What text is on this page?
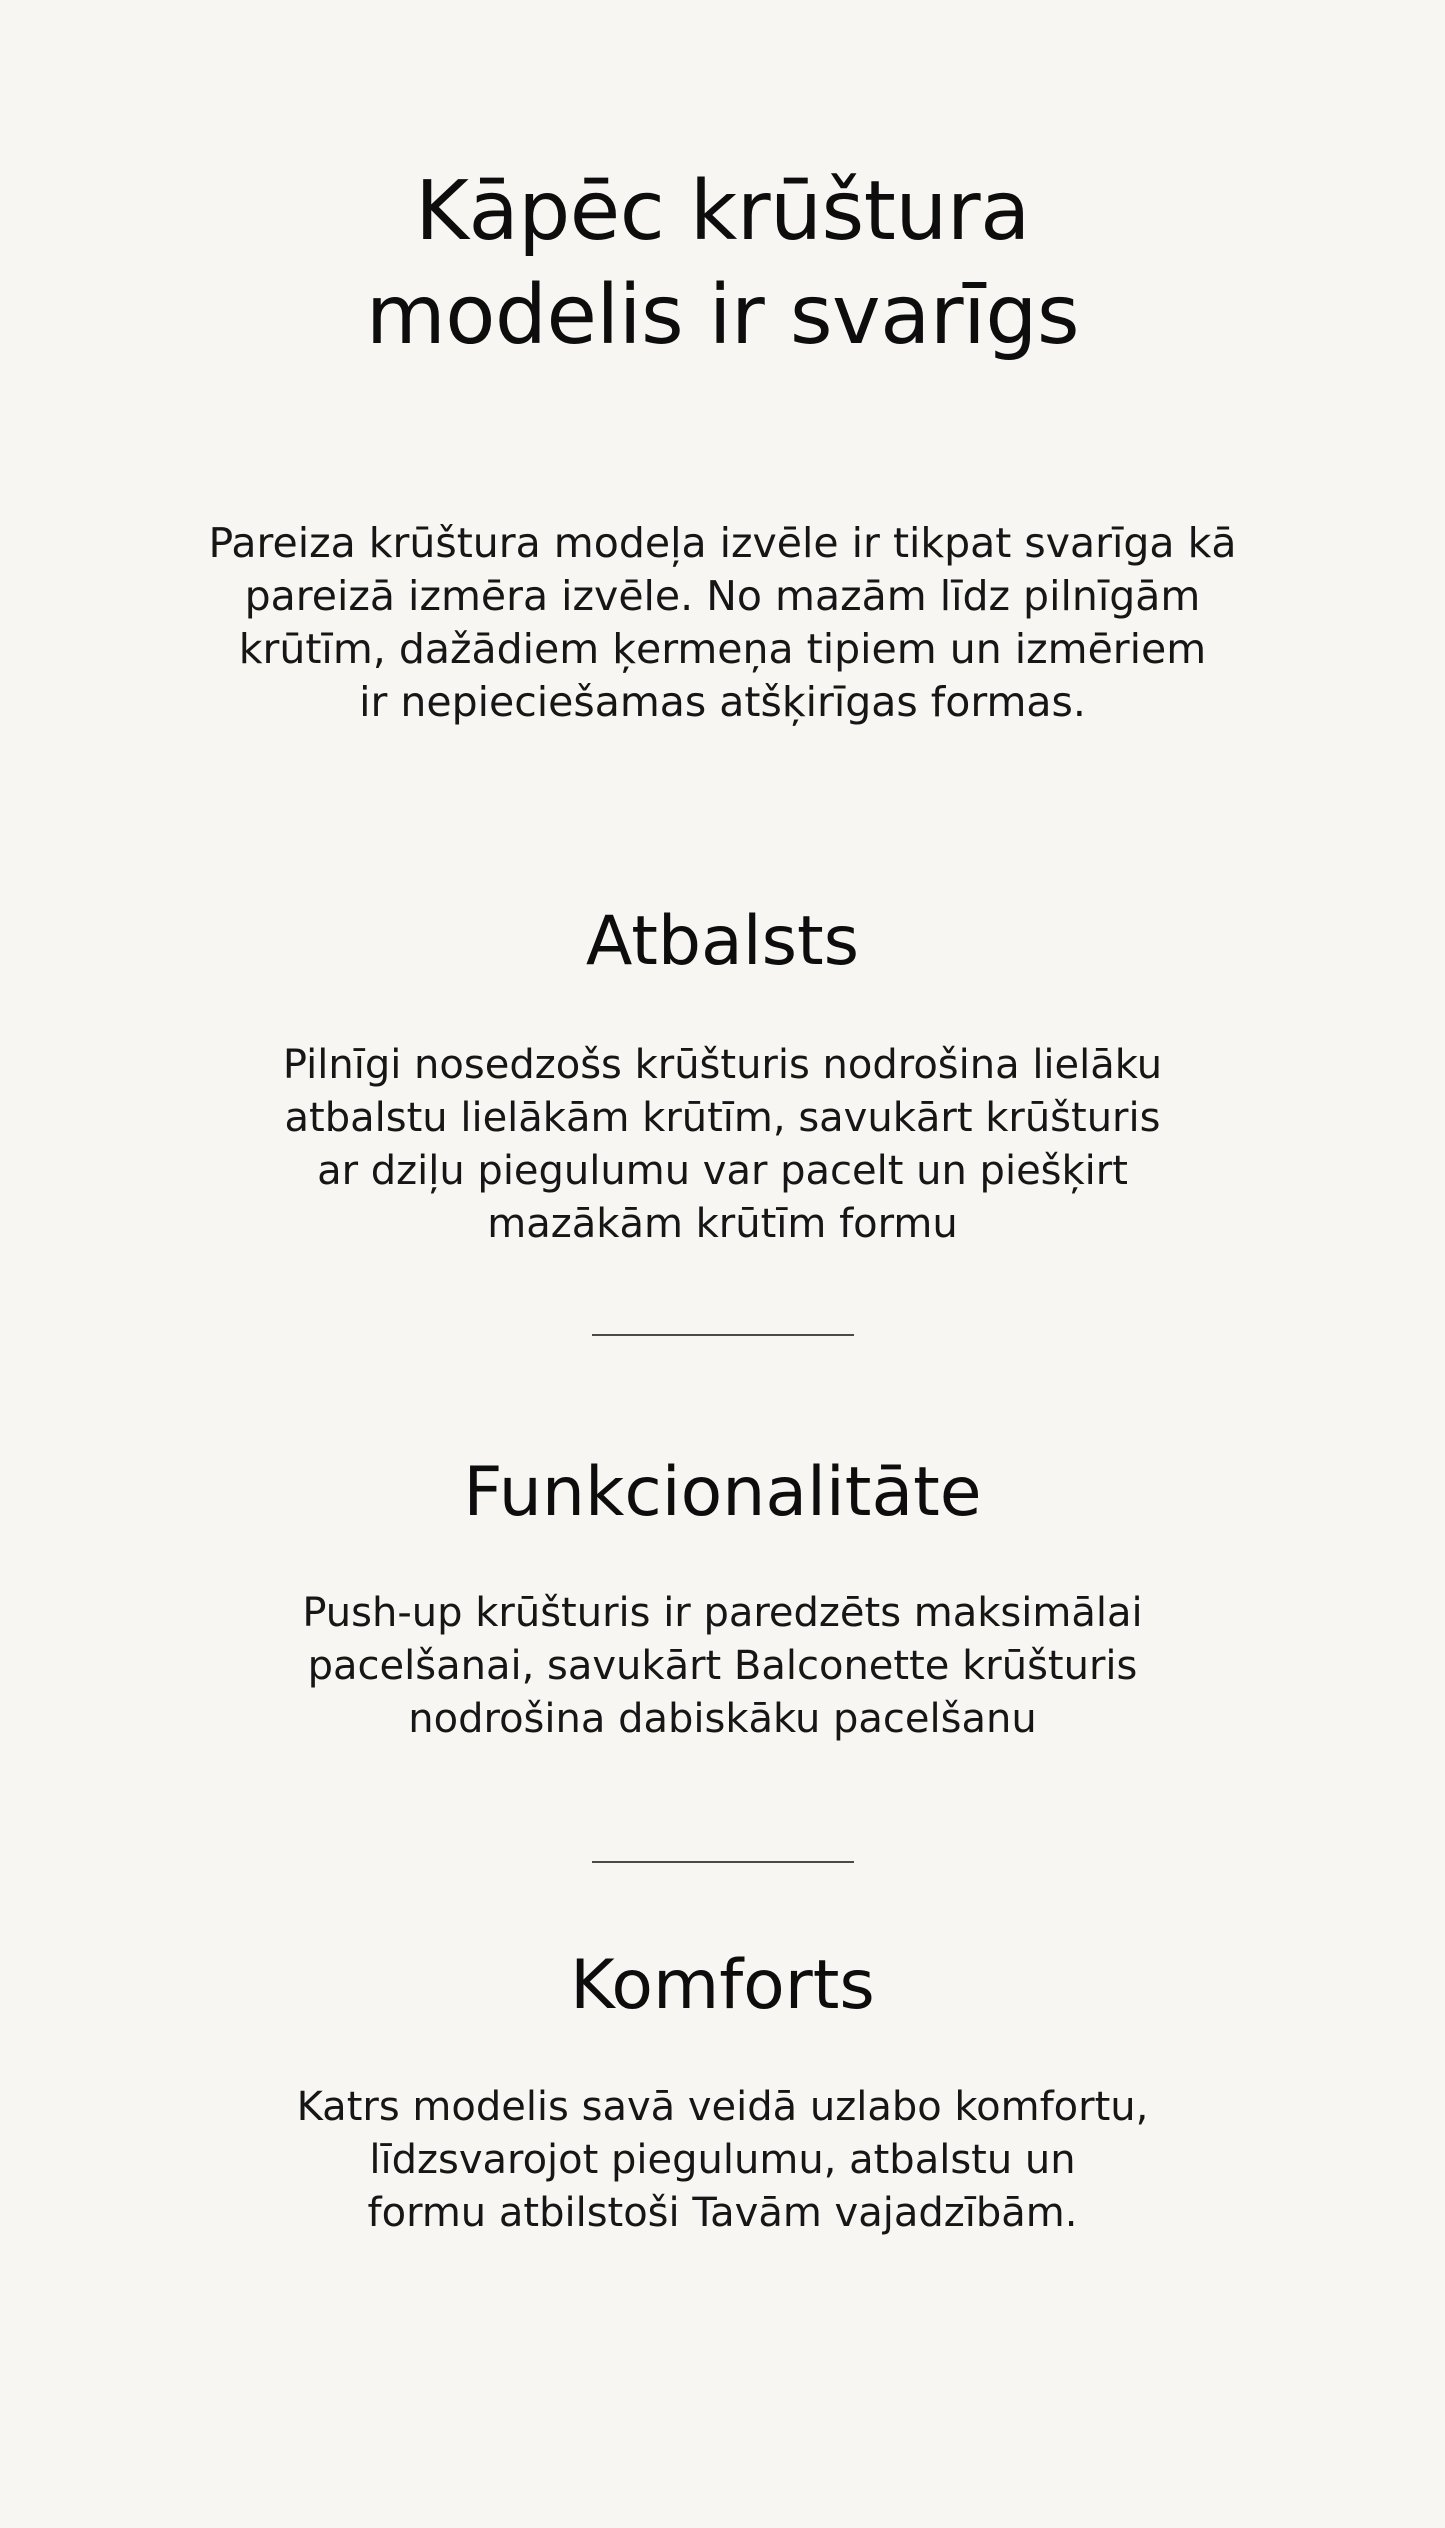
Kāpēc krūštura
modelis ir svarīgs

Pareiza krūštura modeļa izvēle ir tikpat svarīga kā
pareizā izmēra izvēle. No mazām līdz pilnīgām
krūtīm, dažādiem ķermeņa tipiem un izmēriem
ir nepieciešamas atšķirīgas formas.

Atbalsts

Pilnīgi nosedzošs krūšturis nodrošina lielāku
atbalstu lielākām krūtīm, savukārt krūšturis
ar dziļu piegulumu var pacelt un piešķirt
mazākām krūtīm formu

Funkcionalitāte

Push-up krūšturis ir paredzēts maksimālai
pacelšanai, savukārt Balconette krūšturis
nodrošina dabiskāku pacelšanu

Komforts

Katrs modelis savā veidā uzlabo komfortu,
līdzsvarojot piegulumu, atbalstu un
formu atbilstoši Tavām vajadzībām.
